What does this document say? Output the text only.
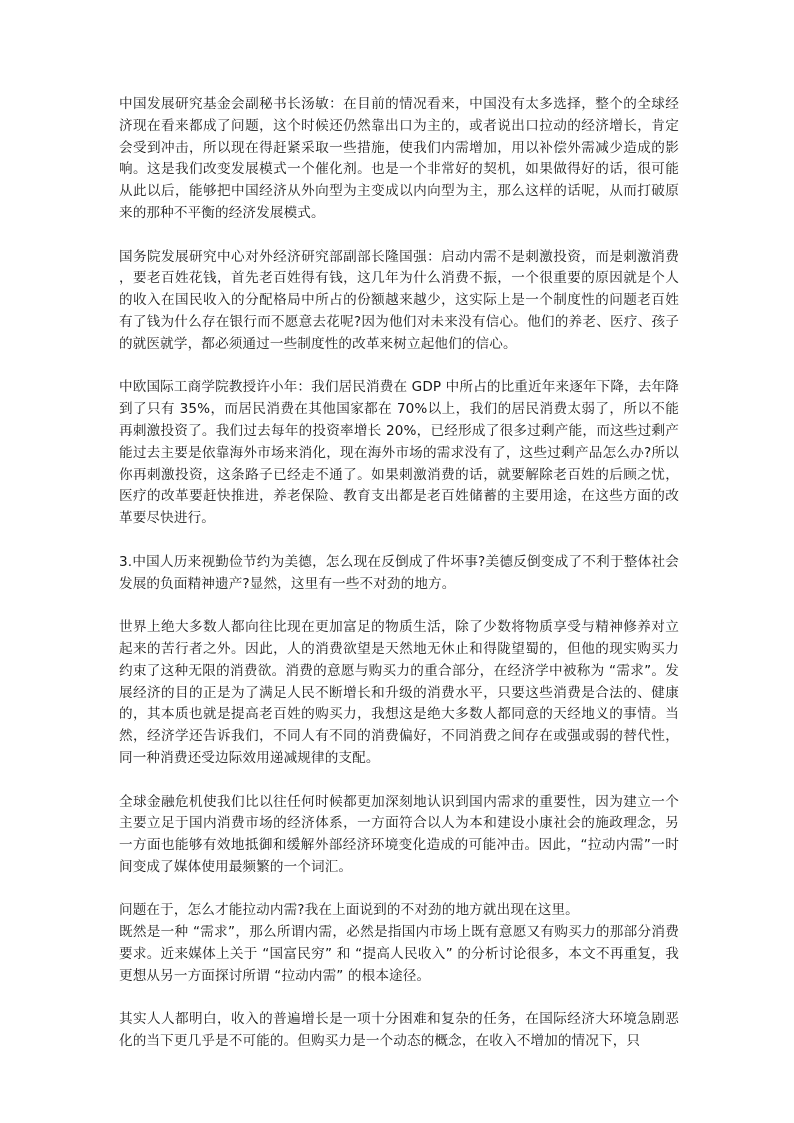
中国发展研究基金会副秘书长汤敏：在目前的情况看来，中国没有太多选择，整个的全球经济现在看来都成了问题，这个时候还仍然靠出口为主的，或者说出口拉动的经济增长，肯定会受到冲击，所以现在得赶紧采取一些措施，使我们内需增加，用以补偿外需减少造成的影响。这是我们改变发展模式一个催化剂。也是一个非常好的契机，如果做得好的话，很可能从此以后，能够把中国经济从外向型为主变成以内向型为主，那么这样的话呢，从而打破原来的那种不平衡的经济发展模式。

国务院发展研究中心对外经济研究部副部长隆国强：启动内需不是刺激投资，而是刺激消费，要老百姓花钱，首先老百姓得有钱，这几年为什么消费不振，一个很重要的原因就是个人的收入在国民收入的分配格局中所占的份额越来越少，这实际上是一个制度性的问题老百姓有了钱为什么存在银行而不愿意去花呢?因为他们对未来没有信心。他们的养老、医疗、孩子的就医就学，都必须通过一些制度性的改革来树立起他们的信心。

中欧国际工商学院教授许小年：我们居民消费在 GDP 中所占的比重近年来逐年下降，去年降到了只有 35%，而居民消费在其他国家都在 70%以上，我们的居民消费太弱了，所以不能再刺激投资了。我们过去每年的投资率增长 20%，已经形成了很多过剩产能，而这些过剩产能过去主要是依靠海外市场来消化，现在海外市场的需求没有了，这些过剩产品怎么办?所以你再刺激投资，这条路子已经走不通了。如果刺激消费的话，就要解除老百姓的后顾之忧，医疗的改革要赶快推进，养老保险、教育支出都是老百姓储蓄的主要用途，在这些方面的改革要尽快进行。

3.中国人历来视勤俭节约为美德，怎么现在反倒成了件坏事?美德反倒变成了不利于整体社会发展的负面精神遗产?显然，这里有一些不对劲的地方。

世界上绝大多数人都向往比现在更加富足的物质生活，除了少数将物质享受与精神修养对立起来的苦行者之外。因此，人的消费欲望是天然地无休止和得陇望蜀的，但他的现实购买力约束了这种无限的消费欲。消费的意愿与购买力的重合部分，在经济学中被称为 “需求”。发展经济的目的正是为了满足人民不断增长和升级的消费水平，只要这些消费是合法的、健康的，其本质也就是提高老百姓的购买力，我想这是绝大多数人都同意的天经地义的事情。当然，经济学还告诉我们，不同人有不同的消费偏好，不同消费之间存在或强或弱的替代性，同一种消费还受边际效用递减规律的支配。

全球金融危机使我们比以往任何时候都更加深刻地认识到国内需求的重要性，因为建立一个主要立足于国内消费市场的经济体系，一方面符合以人为本和建设小康社会的施政理念，另一方面也能够有效地抵御和缓解外部经济环境变化造成的可能冲击。因此，“拉动内需”一时间变成了媒体使用最频繁的一个词汇。

问题在于，怎么才能拉动内需?我在上面说到的不对劲的地方就出现在这里。

既然是一种 “需求”，那么所谓内需，必然是指国内市场上既有意愿又有购买力的那部分消费要求。近来媒体上关于 “国富民穷” 和 “提高人民收入” 的分析讨论很多，本文不再重复，我更想从另一方面探讨所谓 “拉动内需” 的根本途径。

其实人人都明白，收入的普遍增长是一项十分困难和复杂的任务，在国际经济大环境急剧恶化的当下更几乎是不可能的。但购买力是一个动态的概念，在收入不增加的情况下，只
